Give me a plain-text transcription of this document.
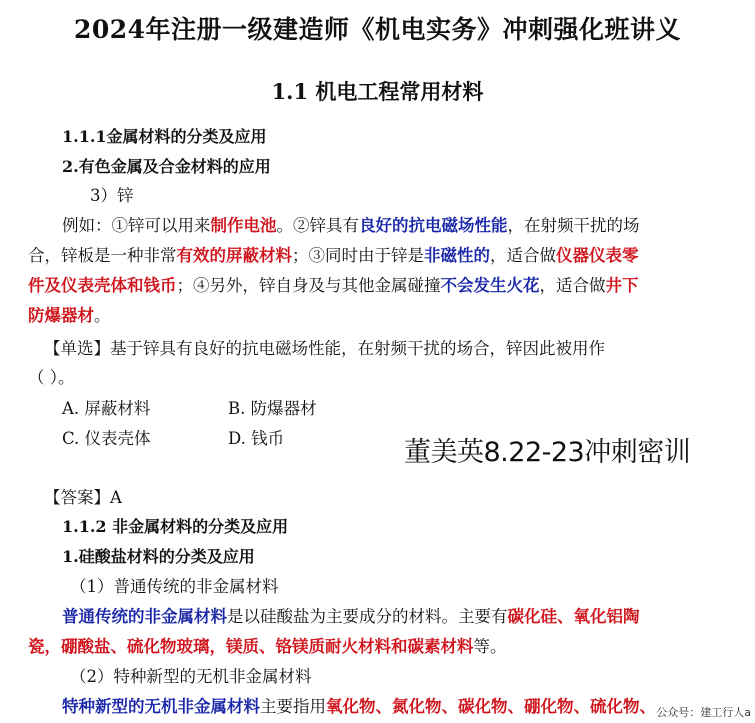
2024年注册一级建造师《机电实务》冲刺强化班讲义
1.1 机电工程常用材料
1.1.1金属材料的分类及应用
2.有色金属及合金材料的应用
3）锌
例如：①锌可以用来制作电池。②锌具有良好的抗电磁场性能，在射频干扰的场
合，锌板是一种非常有效的屏蔽材料；③同时由于锌是非磁性的，适合做仪器仪表零
件及仪表壳体和钱币；④另外，锌自身及与其他金属碰撞不会发生火花，适合做井下
防爆器材。
【单选】基于锌具有良好的抗电磁场性能，在射频干扰的场合，锌因此被用作
（ ）。
A. 屏蔽材料	B. 防爆器材
C. 仪表壳体	D. 钱币	董美英8.22-23冲刺密训
【答案】A
1.1.2 非金属材料的分类及应用
1.硅酸盐材料的分类及应用
（1）普通传统的非金属材料
普通传统的非金属材料是以硅酸盐为主要成分的材料。主要有碳化硅、氧化铝陶
瓷，硼酸盐、硫化物玻璃，镁质、铬镁质耐火材料和碳素材料等。
（2）特种新型的无机非金属材料
特种新型的无机非金属材料主要指用氧化物、氮化物、碳化物、硼化物、硫化物、 公众号：建工行人a
